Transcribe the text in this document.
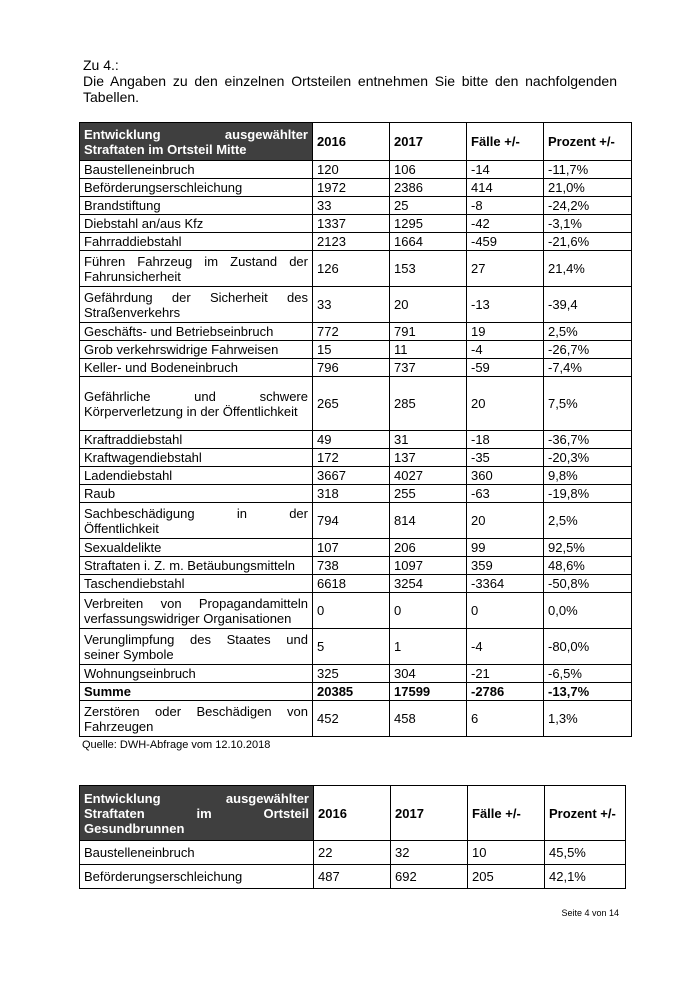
Zu 4.:

Die Angaben zu den einzelnen Ortsteilen entnehmen Sie bitte den nachfolgenden Tabellen.

Entwicklung ausgewählter Straftaten im Ortsteil Mitte	2016	2017	Fälle +/-	Prozent +/-
Baustelleneinbruch	120	106	-14	-11,7%
Beförderungserschleichung	1972	2386	414	21,0%
Brandstiftung	33	25	-8	-24,2%
Diebstahl an/aus Kfz	1337	1295	-42	-3,1%
Fahrraddiebstahl	2123	1664	-459	-21,6%
Führen Fahrzeug im Zustand der Fahrunsicherheit	126	153	27	21,4%
Gefährdung der Sicherheit des Straßenverkehrs	33	20	-13	-39,4
Geschäfts- und Betriebseinbruch	772	791	19	2,5%
Grob verkehrswidrige Fahrweisen	15	11	-4	-26,7%
Keller- und Bodeneinbruch	796	737	-59	-7,4%
Gefährliche und schwere Körperverletzung in der Öffentlichkeit	265	285	20	7,5%
Kraftraddiebstahl	49	31	-18	-36,7%
Kraftwagendiebstahl	172	137	-35	-20,3%
Ladendiebstahl	3667	4027	360	9,8%
Raub	318	255	-63	-19,8%
Sachbeschädigung in der Öffentlichkeit	794	814	20	2,5%
Sexualdelikte	107	206	99	92,5%
Straftaten i. Z. m. Betäubungsmitteln	738	1097	359	48,6%
Taschendiebstahl	6618	3254	-3364	-50,8%
Verbreiten von Propagandamitteln verfassungswidriger Organisationen	0	0	0	0,0%
Verunglimpfung des Staates und seiner Symbole	5	1	-4	-80,0%
Wohnungseinbruch	325	304	-21	-6,5%
Summe	20385	17599	-2786	-13,7%
Zerstören oder Beschädigen von Fahrzeugen	452	458	6	1,3%
Quelle: DWH-Abfrage vom 12.10.2018
Entwicklung ausgewählter Straftaten im Ortsteil Gesundbrunnen	2016	2017	Fälle +/-	Prozent +/-
Baustelleneinbruch	22	32	10	45,5%
Beförderungserschleichung	487	692	205	42,1%
Seite 4 von 14
